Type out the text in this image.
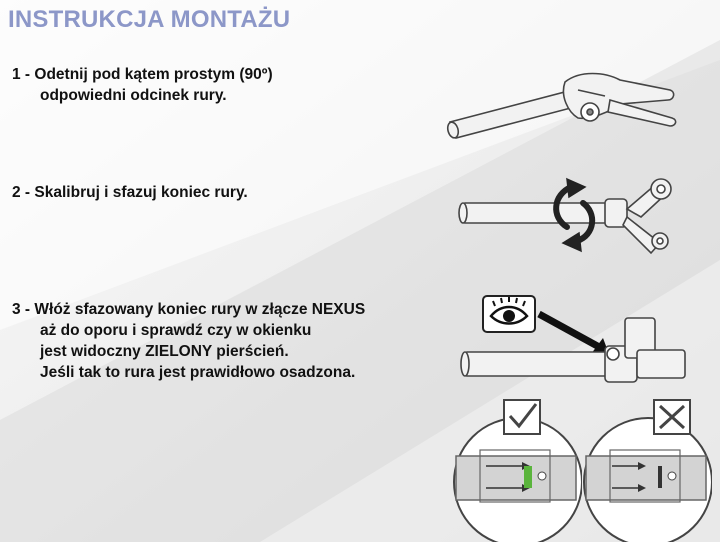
INSTRUKCJA MONTAŻU
1 - Odetnij pod kątem prostym (90º)
odpowiedni odcinek rury.
2 - Skalibruj i sfazuj koniec rury.
3 - Włóż sfazowany koniec rury w złącze NEXUS
aż do oporu i sprawdź czy w okienku
jest widoczny ZIELONY pierścień.
Jeśli tak to rura jest prawidłowo osadzona.
